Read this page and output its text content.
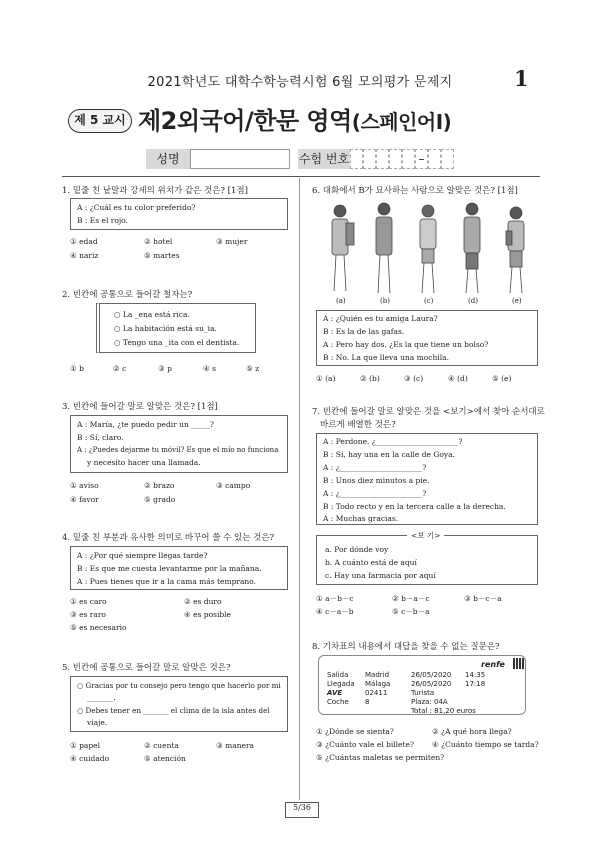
2021학년도 대학수학능력시험 6월 모의평가 문제지	1
제 5 교시 제2외국어/한문 영역(스페인어Ⅰ)
성명	수험 번호	–
1. 밑줄 친 낱말과 강세의 위치가 같은 것은? [1점]
A : ¿Cuál es tu color preferido?
B : Es el rojo.
① edad	② hotel	③ mujer
④ nariz	⑤ martes
2. 빈칸에 공통으로 들어갈 철자는?
○ La _ena está rica.
○ La habitación está su_ia.
○ Tengo una _ita con el dentista.
① b	② c	③ p	④ s	⑤ z
3. 빈칸에 들어갈 말로 알맞은 것은? [1점]
A : María, ¿te puedo pedir un _____?
B : Sí, claro.
A : ¿Puedes dejarme tu móvil? Es que el mío no funciona
y necesito hacer una llamada.
① aviso	② brazo	③ campo
④ favor	⑤ grado
4. 밑줄 친 부분과 유사한 의미로 바꾸어 쓸 수 있는 것은?
A : ¿Por qué siempre llegas tarde?
B : Es que me cuesta levantarme por la mañana.
A : Pues tienes que ir a la cama más temprano.
① es caro	② es duro
③ es raro	④ es posible
⑤ es necesario
5. 빈칸에 공통으로 들어갈 말로 알맞은 것은?
○ Gracias por tu consejo pero tengo que hacerlo por mi
_______.
○ Debes tener en _______ el clima de la isla antes del
viaje.
① papel	② cuenta	③ manera
④ cuidado	⑤ atención
6. 대화에서 B가 묘사하는 사람으로 알맞은 것은? [1점]
(a)	(b)	(c)	(d)	(e)
A : ¿Quién es tu amiga Laura?
B : Es la de las gafas.
A : Pero hay dos. ¿Es la que tiene un bolso?
B : No. La que lleva una mochila.
① (a)	② (b)	③ (c)	④ (d)	⑤ (e)
7. 빈칸에 들어갈 말로 알맞은 것을 <보기>에서 찾아 순서대로
바르게 배열한 것은?
A : Perdone. ¿______________________?
B : Sí, hay una en la calle de Goya.
A : ¿______________________?
B : Unos diez minutos a pie.
A : ¿______________________?
B : Todo recto y en la tercera calle a la derecha.
A : Muchas gracias.
<보 기>
a. Por dónde voy
b. A cuánto está de aquí
c. Hay una farmacia por aquí
① a－b－c	② b－a－c	③ b－c－a
④ c－a－b	⑤ c－b－a
8. 기차표의 내용에서 대답을 찾을 수 없는 질문은?
renfe
Salida Madrid	26/05/2020 14:35
Llegada Málaga	26/05/2020 17:18
AVE	02411	Turista
Coche 8	Plaza: 04A
Total : 81,20 euros
① ¿Dónde se sienta?	② ¿A qué hora llega?
③ ¿Cuánto vale el billete? ④ ¿Cuánto tiempo se tarda?
⑤ ¿Cuántas maletas se permiten?
5/36
